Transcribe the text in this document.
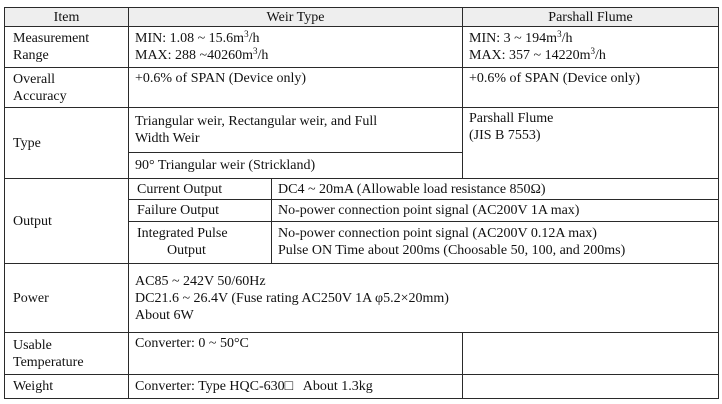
Item	Weir Type		Parshall Flume

Measurement
Range	MIN: 1.08 ~ $15.6m^3/h$
MAX: 288 $\sim 40260m^3/h$		MIN: 3 ~ $194m^3/h$
MAX: 357 ~ $14220m^3/h$

Overall
Accuracy	+0.6% of SPAN (Device only)		+0.6% of SPAN (Device only)
Type	Triangular weir, Rectangular weir, and Full
Width Weir		Parshall Flume
(JIS B 7553)

	90° Triangular weir (Strickland)		
Output	Current Output	DC4 ~ 20mA (Allowable load resistance 850Ω)	
	Failure Output	No-power connection point signal (AC200V 1A max)	

	Integrated Pulse
Output	No-power connection point signal (AC200V 0.12A max)
Pulse ON Time about 200ms (Choosable 50, 100, and 200ms)	

Power	AC85 ~ 242V 50/60Hz
DC21.6 ~ 26.4V (Fuse rating AC250V 1A φ5.2×20mm)
About 6W		

Usable
Temperature	Converter: 0 ~ 50°C		
Weight	Converter: Type HQC-630□   About 1.3kg		
